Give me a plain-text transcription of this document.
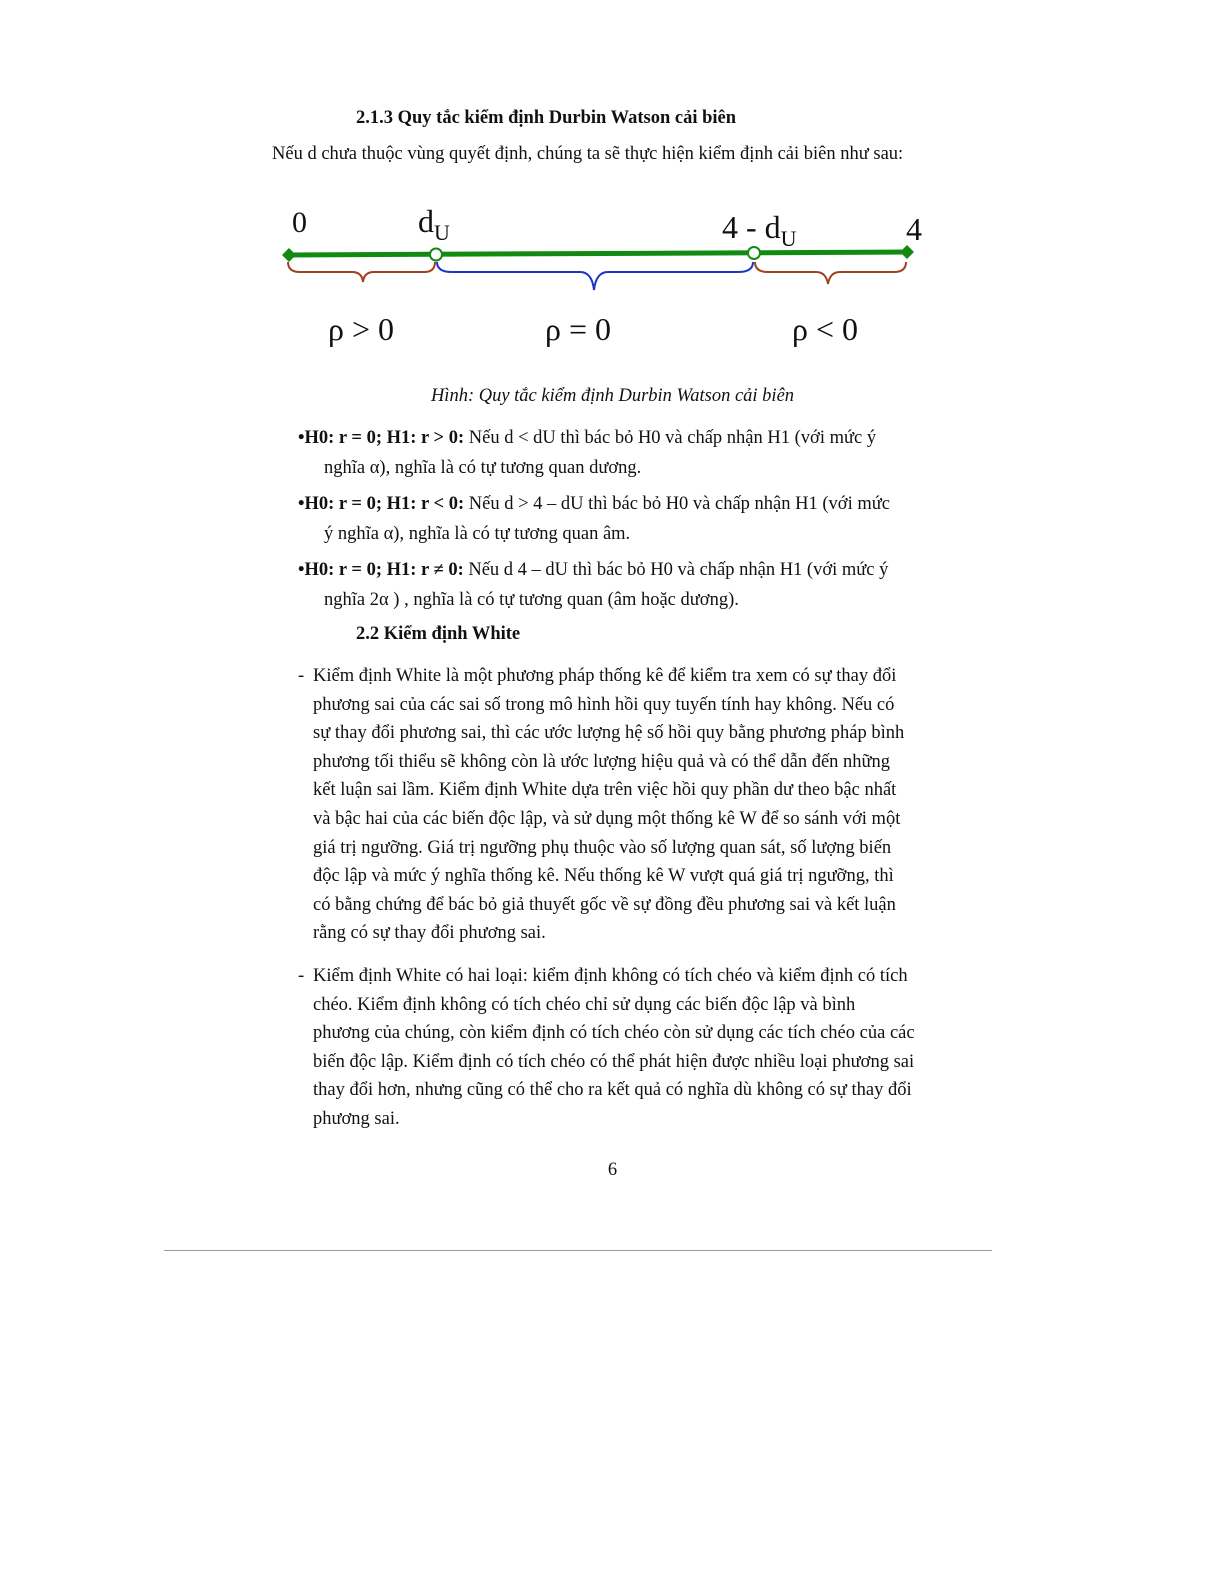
2.1.3 Quy tắc kiểm định Durbin Watson cải biên
Nếu d chưa thuộc vùng quyết định, chúng ta sẽ thực hiện kiểm định cải biên như sau:
0	$d_U$	$4 - d_U$	4
ρ > 0	ρ = 0	ρ < 0
Hình: Quy tắc kiểm định Durbin Watson cải biên
•H0: r = 0; H1: r > 0: Nếu d < dU thì bác bỏ H0 và chấp nhận H1 (với mức ý
nghĩa α), nghĩa là có tự tương quan dương.
•H0: r = 0; H1: r < 0: Nếu d > 4 – dU thì bác bỏ H0 và chấp nhận H1 (với mức
ý nghĩa α), nghĩa là có tự tương quan âm.
•H0: r = 0; H1: r ≠ 0: Nếu d 4 – dU thì bác bỏ H0 và chấp nhận H1 (với mức ý
nghĩa 2α ) , nghĩa là có tự tương quan (âm hoặc dương).
2.2 Kiểm định White
- Kiểm định White là một phương pháp thống kê để kiểm tra xem có sự thay đổi
phương sai của các sai số trong mô hình hồi quy tuyến tính hay không. Nếu có
sự thay đổi phương sai, thì các ước lượng hệ số hồi quy bằng phương pháp bình
phương tối thiểu sẽ không còn là ước lượng hiệu quả và có thể dẫn đến những
kết luận sai lầm. Kiểm định White dựa trên việc hồi quy phần dư theo bậc nhất
và bậc hai của các biến độc lập, và sử dụng một thống kê W để so sánh với một
giá trị ngưỡng. Giá trị ngưỡng phụ thuộc vào số lượng quan sát, số lượng biến
độc lập và mức ý nghĩa thống kê. Nếu thống kê W vượt quá giá trị ngưỡng, thì
có bằng chứng để bác bỏ giả thuyết gốc về sự đồng đều phương sai và kết luận
rằng có sự thay đổi phương sai.
- Kiểm định White có hai loại: kiểm định không có tích chéo và kiểm định có tích
chéo. Kiểm định không có tích chéo chỉ sử dụng các biến độc lập và bình
phương của chúng, còn kiểm định có tích chéo còn sử dụng các tích chéo của các
biến độc lập. Kiểm định có tích chéo có thể phát hiện được nhiều loại phương sai
thay đổi hơn, nhưng cũng có thể cho ra kết quả có nghĩa dù không có sự thay đổi
phương sai.
6
